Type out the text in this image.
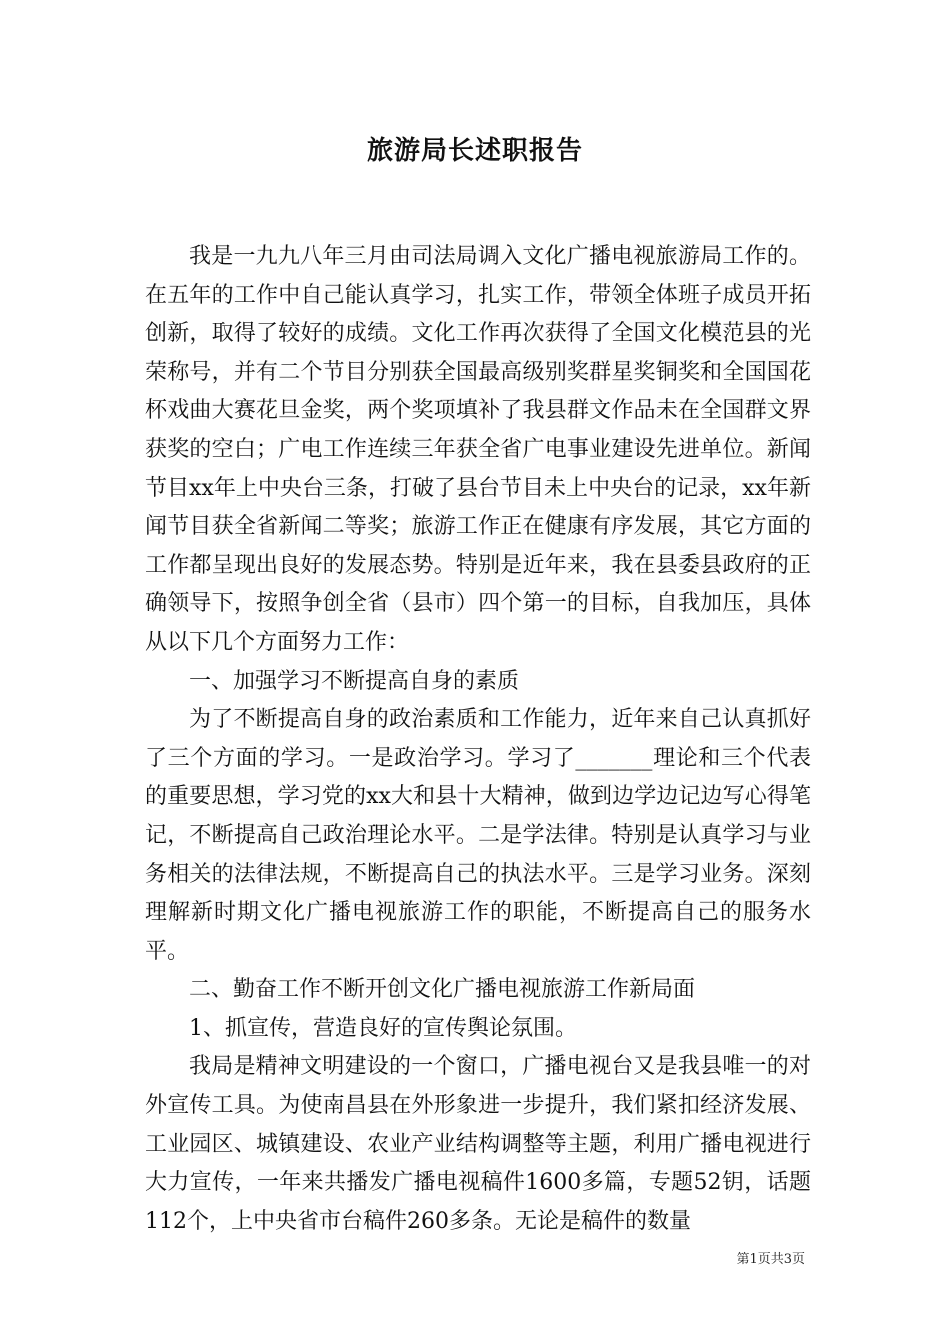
旅游局长述职报告

我是一九九八年三月由司法局调入文化广播电视旅游局工作的。在五年的工作中自己能认真学习，扎实工作，带领全体班子成员开拓创新，取得了较好的成绩。文化工作再次获得了全国文化模范县的光荣称号，并有二个节目分别获全国最高级别奖群星奖铜奖和全国国花杯戏曲大赛花旦金奖，两个奖项填补了我县群文作品未在全国群文界获奖的空白；广电工作连续三年获全省广电事业建设先进单位。新闻节目xx年上中央台三条，打破了县台节目未上中央台的记录，xx年新闻节目获全省新闻二等奖；旅游工作正在健康有序发展，其它方面的工作都呈现出良好的发展态势。特别是近年来，我在县委县政府的正确领导下，按照争创全省（县市）四个第一的目标，自我加压，具体从以下几个方面努力工作：

一、加强学习不断提高自身的素质

为了不断提高自身的政治素质和工作能力，近年来自己认真抓好了三个方面的学习。一是政治学习。学习了_______理论和三个代表的重要思想，学习党的xx大和县十大精神，做到边学边记边写心得笔记，不断提高自己政治理论水平。二是学法律。特别是认真学习与业务相关的法律法规，不断提高自己的执法水平。三是学习业务。深刻理解新时期文化广播电视旅游工作的职能，不断提高自己的服务水平。

二、勤奋工作不断开创文化广播电视旅游工作新局面

1、抓宣传，营造良好的宣传舆论氛围。

我局是精神文明建设的一个窗口，广播电视台又是我县唯一的对外宣传工具。为使南昌县在外形象进一步提升，我们紧扣经济发展、工业园区、城镇建设、农业产业结构调整等主题，利用广播电视进行大力宣传，一年来共播发广播电视稿件1600多篇，专题52钥，话题112个，上中央省市台稿件260多条。无论是稿件的数量

第1页共3页
